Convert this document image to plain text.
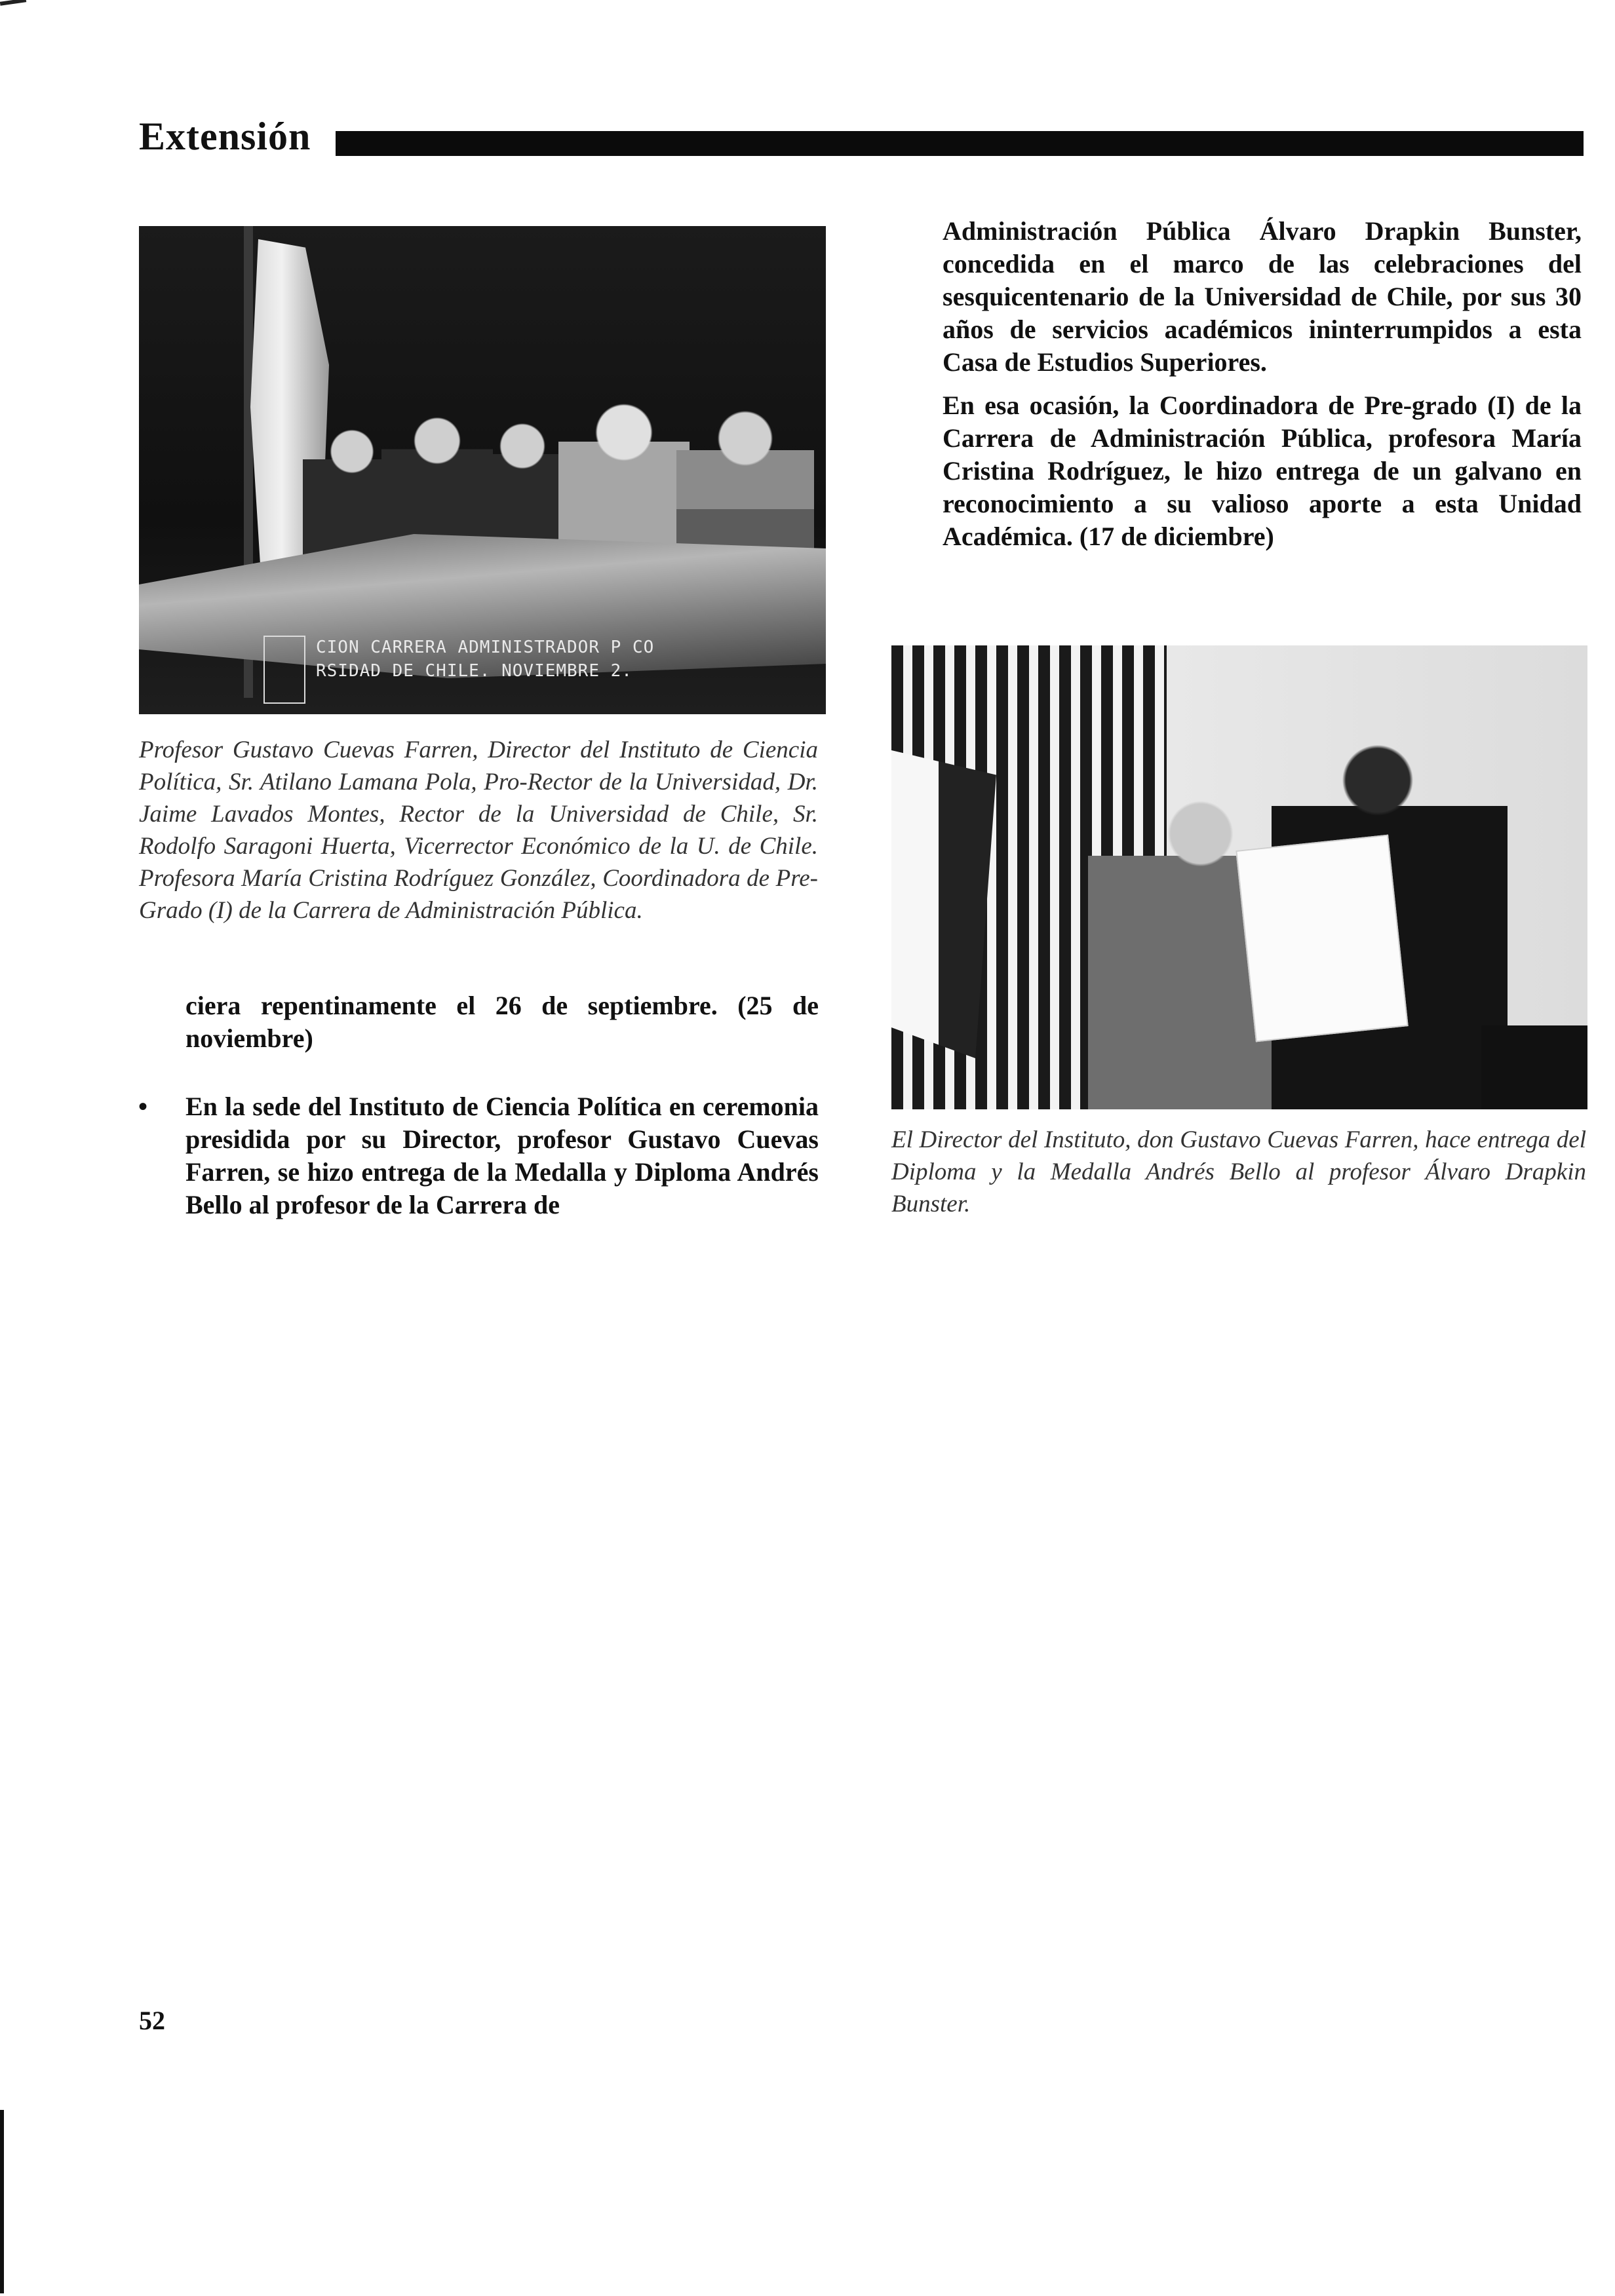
Extensión
CION CARRERA ADMINISTRADOR P CO
RSIDAD DE CHILE. NOVIEMBRE 2.
Profesor Gustavo Cuevas Farren, Director del Instituto de Ciencia Política, Sr. Atilano Lamana Pola, Pro-Rector de la Universidad, Dr. Jaime Lavados Montes, Rector de la Universidad de Chile, Sr. Rodolfo Saragoni Huerta, Vicerrector Económico de la U. de Chile. Profesora María Cristina Rodríguez González, Coordinadora de Pre-Grado (I) de la Carrera de Administración Pública.

ciera repentinamente el 26 de septiembre. (25 de noviembre)

• En la sede del Instituto de Ciencia Política en ceremonia presidida por su Director, profesor Gustavo Cuevas Farren, se hizo entrega de la Medalla y Diploma Andrés Bello al profesor de la Carrera de

Administración Pública Álvaro Drapkin Bunster, concedida en el marco de las celebraciones del sesquicentenario de la Universidad de Chile, por sus 30 años de servicios académicos ininterrumpidos a esta Casa de Estudios Superiores.

En esa ocasión, la Coordinadora de Pre-grado (I) de la Carrera de Administración Pública, profesora María Cristina Rodríguez, le hizo entrega de un galvano en reconocimiento a su valioso aporte a esta Unidad Académica. (17 de diciembre)

El Director del Instituto, don Gustavo Cuevas Farren, hace entrega del Diploma y la Medalla Andrés Bello al profesor Álvaro Drapkin Bunster.
52
